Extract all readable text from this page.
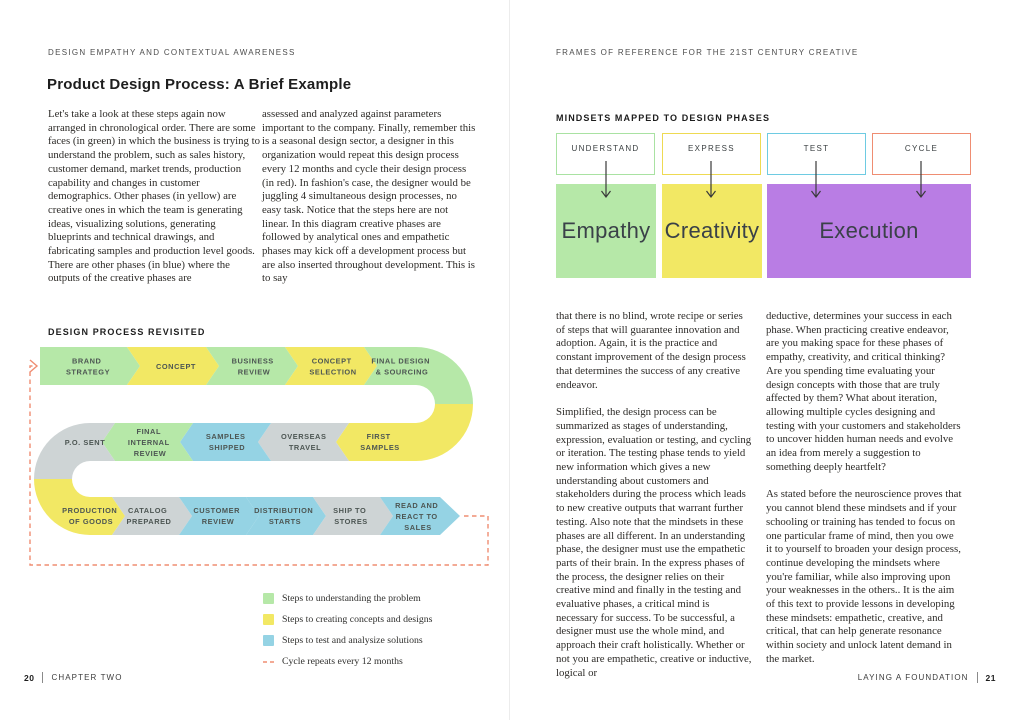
DESIGN EMPATHY AND CONTEXTUAL AWARENESS
Product Design Process: A Brief Example
Let's take a look at these steps again now arranged in chronological order. There are some faces (in green) in which the business is trying to understand the problem, such as sales history, customer demand, market trends, production capability and changes in customer demographics. Other phases (in yellow) are creative ones in which the team is generating ideas, visualizing solutions, generating blueprints and technical drawings, and fabricating samples and production level goods. There are other phases (in blue) where the outputs of the creative phases are
assessed and analyzed against parameters important to the company. Finally, remember this is a seasonal design sector, a designer in this organization would repeat this design process every 12 months and cycle their design process (in red). In fashion's case, the designer would be juggling 4 simultaneous design processes, no easy task. Notice that the steps here are not linear. In this diagram creative phases are followed by analytical ones and empathetic phases may kick off a development process but are also inserted throughout development. This is to say
DESIGN PROCESS REVISITED
BRAND STRATEGY
CONCEPT
BUSINESS REVIEW
CONCEPT SELECTION
FINAL DESIGN & SOURCING
P.O. SENT
FINAL INTERNAL REVIEW
SAMPLES SHIPPED
OVERSEAS TRAVEL
FIRST SAMPLES
PRODUCTION OF GOODS
CATALOG PREPARED
CUSTOMER REVIEW
DISTRIBUTION STARTS
SHIP TO STORES
READ AND REACT TO SALES
Steps to understanding the problem
Steps to creating concepts and designs
Steps to test and analysize solutions
Cycle repeats every 12 months
20 CHAPTER TWO
FRAMES OF REFERENCE FOR THE 21ST CENTURY CREATIVE
MINDSETS MAPPED TO DESIGN PHASES
UNDERSTAND	EXPRESS	TEST	CYCLE
Empathy Creativity	Execution

that there is no blind, wrote recipe or series of steps that will guarantee innovation and adoption. Again, it is the practice and constant improvement of the design process that determines the success of any creative endeavor.

Simplified, the design process can be summarized as stages of understanding, expression, evaluation or testing, and cycling or iteration. The testing phase tends to yield new information which gives a new understanding about customers and stakeholders during the process which leads to new creative outputs that warrant further testing. Also note that the mindsets in these phases are all different. In an understanding phase, the designer must use the empathetic parts of their brain. In the express phases of the process, the designer relies on their creative mind and finally in the testing and evaluative phases, a critical mind is necessary for success. To be successful, a designer must use the whole mind, and approach their craft holistically. Whether or not you are empathetic, creative or inductive, logical or

deductive, determines your success in each phase. When practicing creative endeavor, are you making space for these phases of empathy, creativity, and critical thinking? Are you spending time evaluating your design concepts with those that are truly affected by them? What about iteration, allowing multiple cycles designing and testing with your customers and stakeholders to uncover hidden human needs and evolve an idea from merely a suggestion to something deeply heartfelt?

As stated before the neuroscience proves that you cannot blend these mindsets and if your schooling or training has tended to focus on one particular frame of mind, then you owe it to yourself to broaden your design process, continue developing the mindsets where you're familiar, while also improving upon your weaknesses in the others.. It is the aim of this text to provide lessons in developing these mindsets: empathetic, creative, and critical, that can help generate resonance within society and unlock latent demand in the market.

LAYING A FOUNDATION 21
